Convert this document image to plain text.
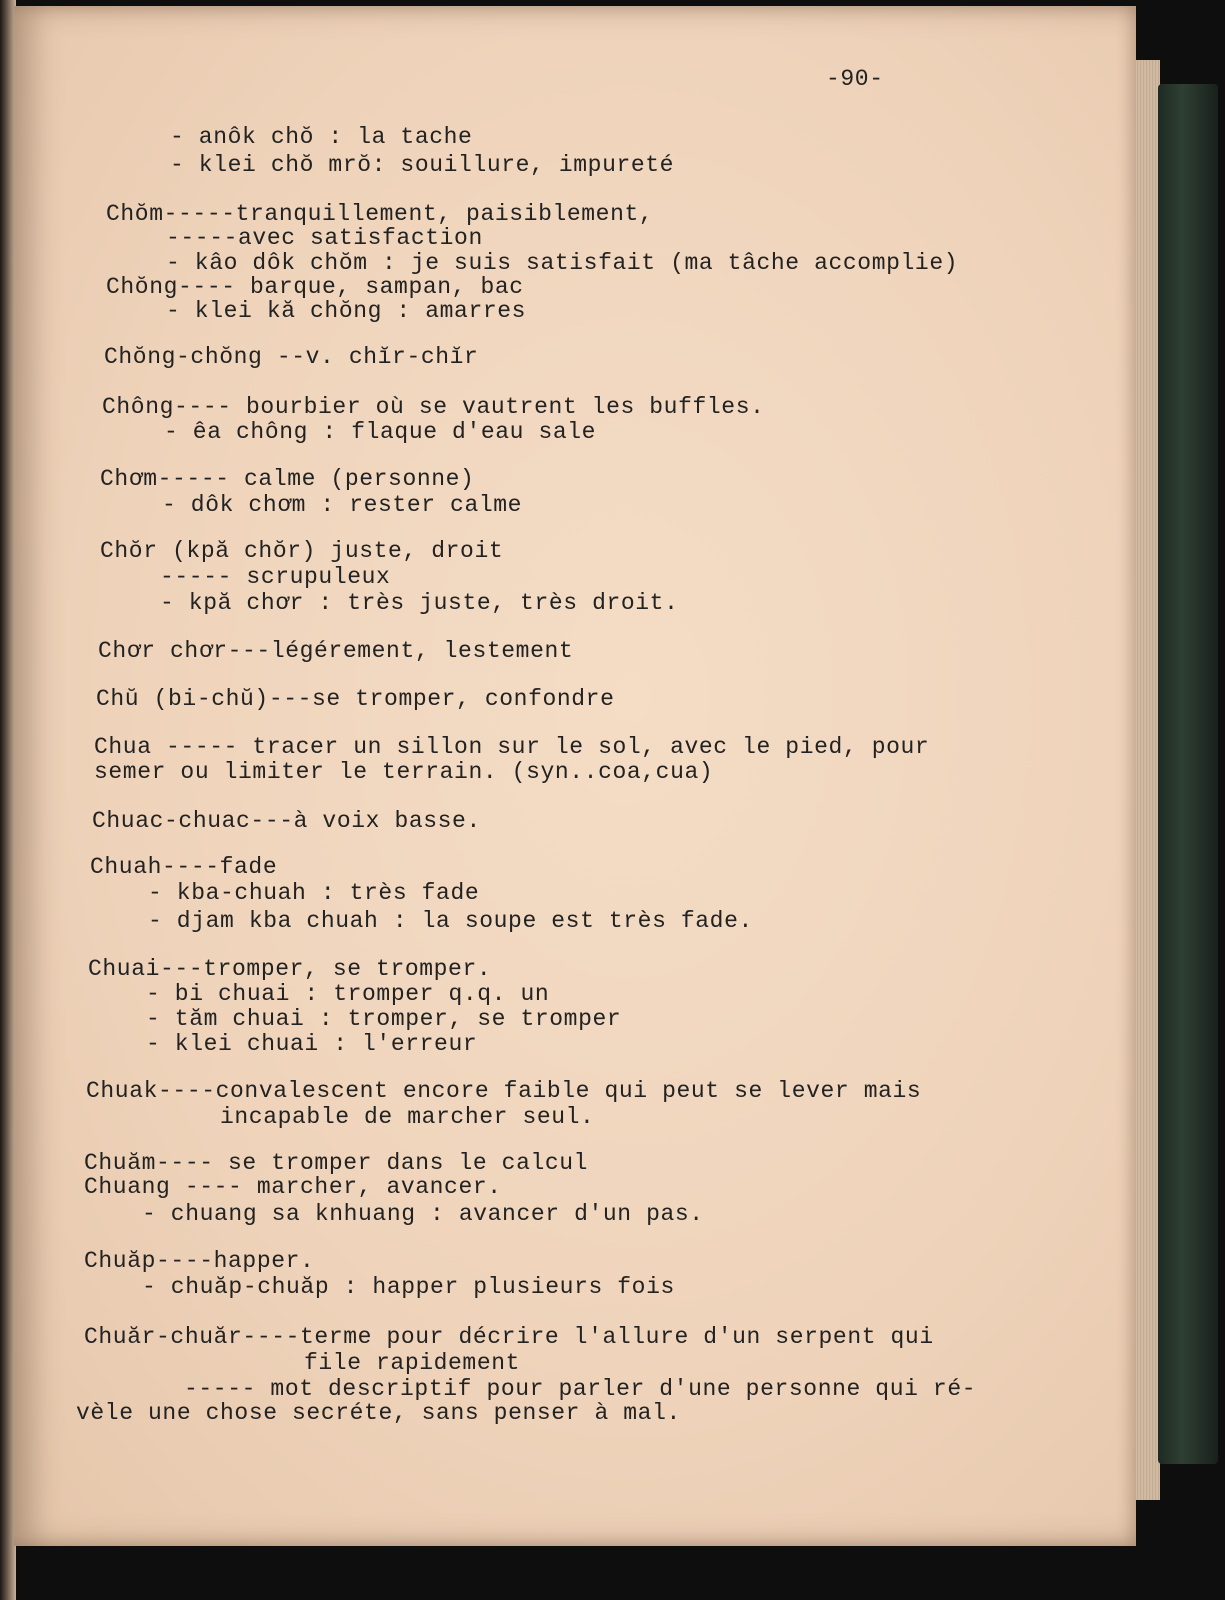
-90-
- anôk chŏ : la tache
- klei chŏ mrŏ: souillure, impureté
Chŏm-----tranquillement, paisiblement,
-----avec satisfaction
- kâo dôk chŏm : je suis satisfait (ma tâche accomplie)
Chŏng---- barque, sampan, bac
- klei kă chŏng : amarres
Chŏng-chŏng --v. chĭr-chĭr
Chông---- bourbier où se vautrent les buffles.
- êa chông : flaque d'eau sale
Chơm----- calme (personne)
- dôk chơm : rester calme
Chŏr (kpă chŏr) juste, droit
----- scrupuleux
- kpă chơr : très juste, très droit.
Chơr chơr---légérement, lestement
Chŭ (bi-chŭ)---se tromper, confondre
Chua ----- tracer un sillon sur le sol, avec le pied, pour
semer ou limiter le terrain. (syn..coa,cua)
Chuac-chuac---à voix basse.
Chuah----fade
- kba-chuah : très fade
- djam kba chuah : la soupe est très fade.
Chuai---tromper, se tromper.
- bi chuai : tromper q.q. un
- tăm chuai : tromper, se tromper
- klei chuai : l'erreur
Chuak----convalescent encore faible qui peut se lever mais
incapable de marcher seul.
Chuăm---- se tromper dans le calcul
Chuang ---- marcher, avancer.
- chuang sa knhuang : avancer d'un pas.
Chuăp----happer.
- chuăp-chuăp : happer plusieurs fois
Chuăr-chuăr----terme pour décrire l'allure d'un serpent qui
file rapidement
----- mot descriptif pour parler d'une personne qui ré-
vèle une chose secréte, sans penser à mal.
